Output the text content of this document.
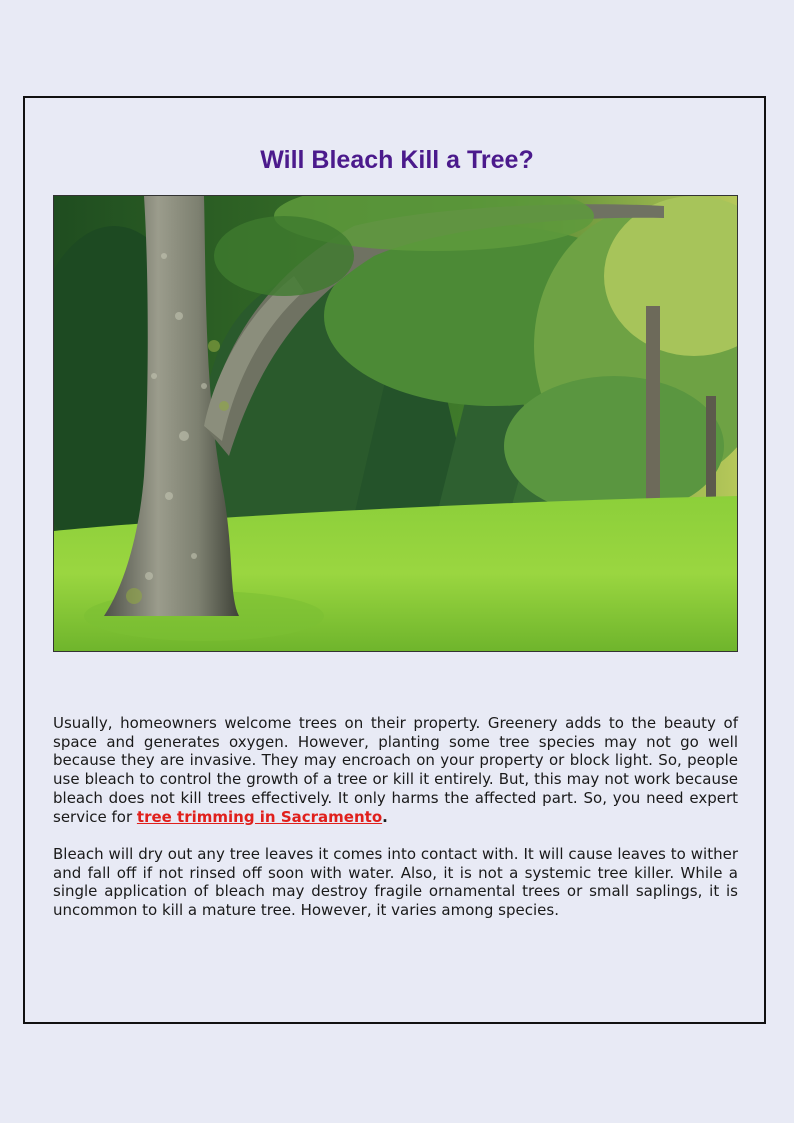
Will Bleach Kill a Tree?

Usually, homeowners welcome trees on their property. Greenery adds to the beauty of space and generates oxygen. However, planting some tree species may not go well because they are invasive. They may encroach on your property or block light. So, people use bleach to control the growth of a tree or kill it entirely. But, this may not work because bleach does not kill trees effectively. It only harms the affected part. So, you need expert service for tree trimming in Sacramento.

Bleach will dry out any tree leaves it comes into contact with. It will cause leaves to wither and fall off if not rinsed off soon with water. Also, it is not a systemic tree killer. While a single application of bleach may destroy fragile ornamental trees or small saplings, it is uncommon to kill a mature tree. However, it varies among species.
